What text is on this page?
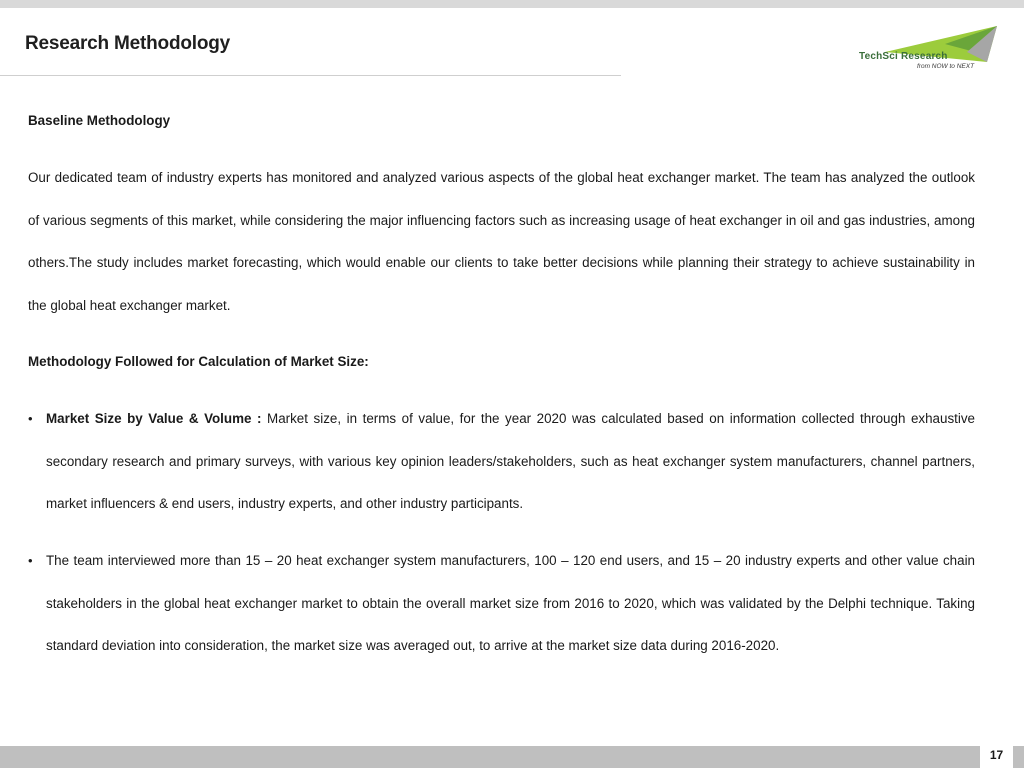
Research Methodology
TechSci Research
from NOW to NEXT
Baseline Methodology

Our dedicated team of industry experts has monitored and analyzed various aspects of the global heat exchanger market. The team has analyzed the outlook of various segments of this market, while considering the major influencing factors such as increasing usage of heat exchanger in oil and gas industries, among others.The study includes market forecasting, which would enable our clients to take better decisions while planning their strategy to achieve sustainability in the global heat exchanger market.

Methodology Followed for Calculation of Market Size:
• Market Size by Value & Volume : Market size, in terms of value, for the year 2020 was calculated based on information collected through exhaustive secondary research and primary surveys, with various key opinion leaders/stakeholders, such as heat exchanger system manufacturers, channel partners, market influencers & end users, industry experts, and other industry participants.

• The team interviewed more than 15 – 20 heat exchanger system manufacturers, 100 – 120 end users, and 15 – 20 industry experts and other value chain stakeholders in the global heat exchanger market to obtain the overall market size from 2016 to 2020, which was validated by the Delphi technique. Taking standard deviation into consideration, the market size was averaged out, to arrive at the market size data during 2016-2020.

17
